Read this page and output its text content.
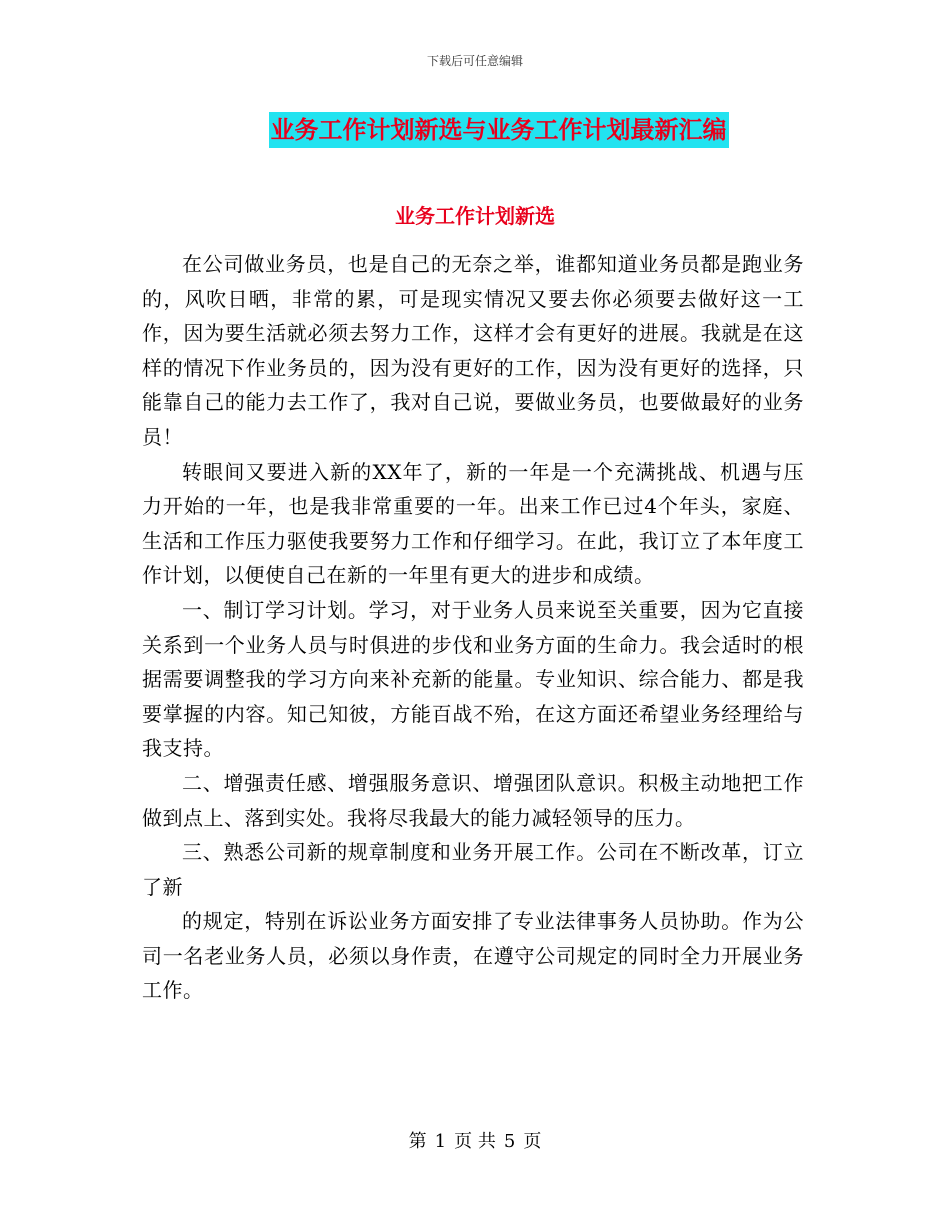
下载后可任意编辑
业务工作计划新选与业务工作计划最新汇编
业务工作计划新选

在公司做业务员，也是自己的无奈之举，谁都知道业务员都是跑业务的，风吹日晒，非常的累，可是现实情况又要去你必须要去做好这一工作，因为要生活就必须去努力工作，这样才会有更好的进展。我就是在这样的情况下作业务员的，因为没有更好的工作，因为没有更好的选择，只能靠自己的能力去工作了，我对自己说，要做业务员，也要做最好的业务员！

转眼间又要进入新的XX年了，新的一年是一个充满挑战、机遇与压力开始的一年，也是我非常重要的一年。出来工作已过4个年头，家庭、生活和工作压力驱使我要努力工作和仔细学习。在此，我订立了本年度工作计划，以便使自己在新的一年里有更大的进步和成绩。

一、制订学习计划。学习，对于业务人员来说至关重要，因为它直接关系到一个业务人员与时俱进的步伐和业务方面的生命力。我会适时的根据需要调整我的学习方向来补充新的能量。专业知识、综合能力、都是我要掌握的内容。知己知彼，方能百战不殆，在这方面还希望业务经理给与我支持。

二、增强责任感、增强服务意识、增强团队意识。积极主动地把工作做到点上、落到实处。我将尽我最大的能力减轻领导的压力。

三、熟悉公司新的规章制度和业务开展工作。公司在不断改革，订立了新

的规定，特别在诉讼业务方面安排了专业法律事务人员协助。作为公司一名老业务人员，必须以身作责，在遵守公司规定的同时全力开展业务工作。

第 1 页 共 5 页
